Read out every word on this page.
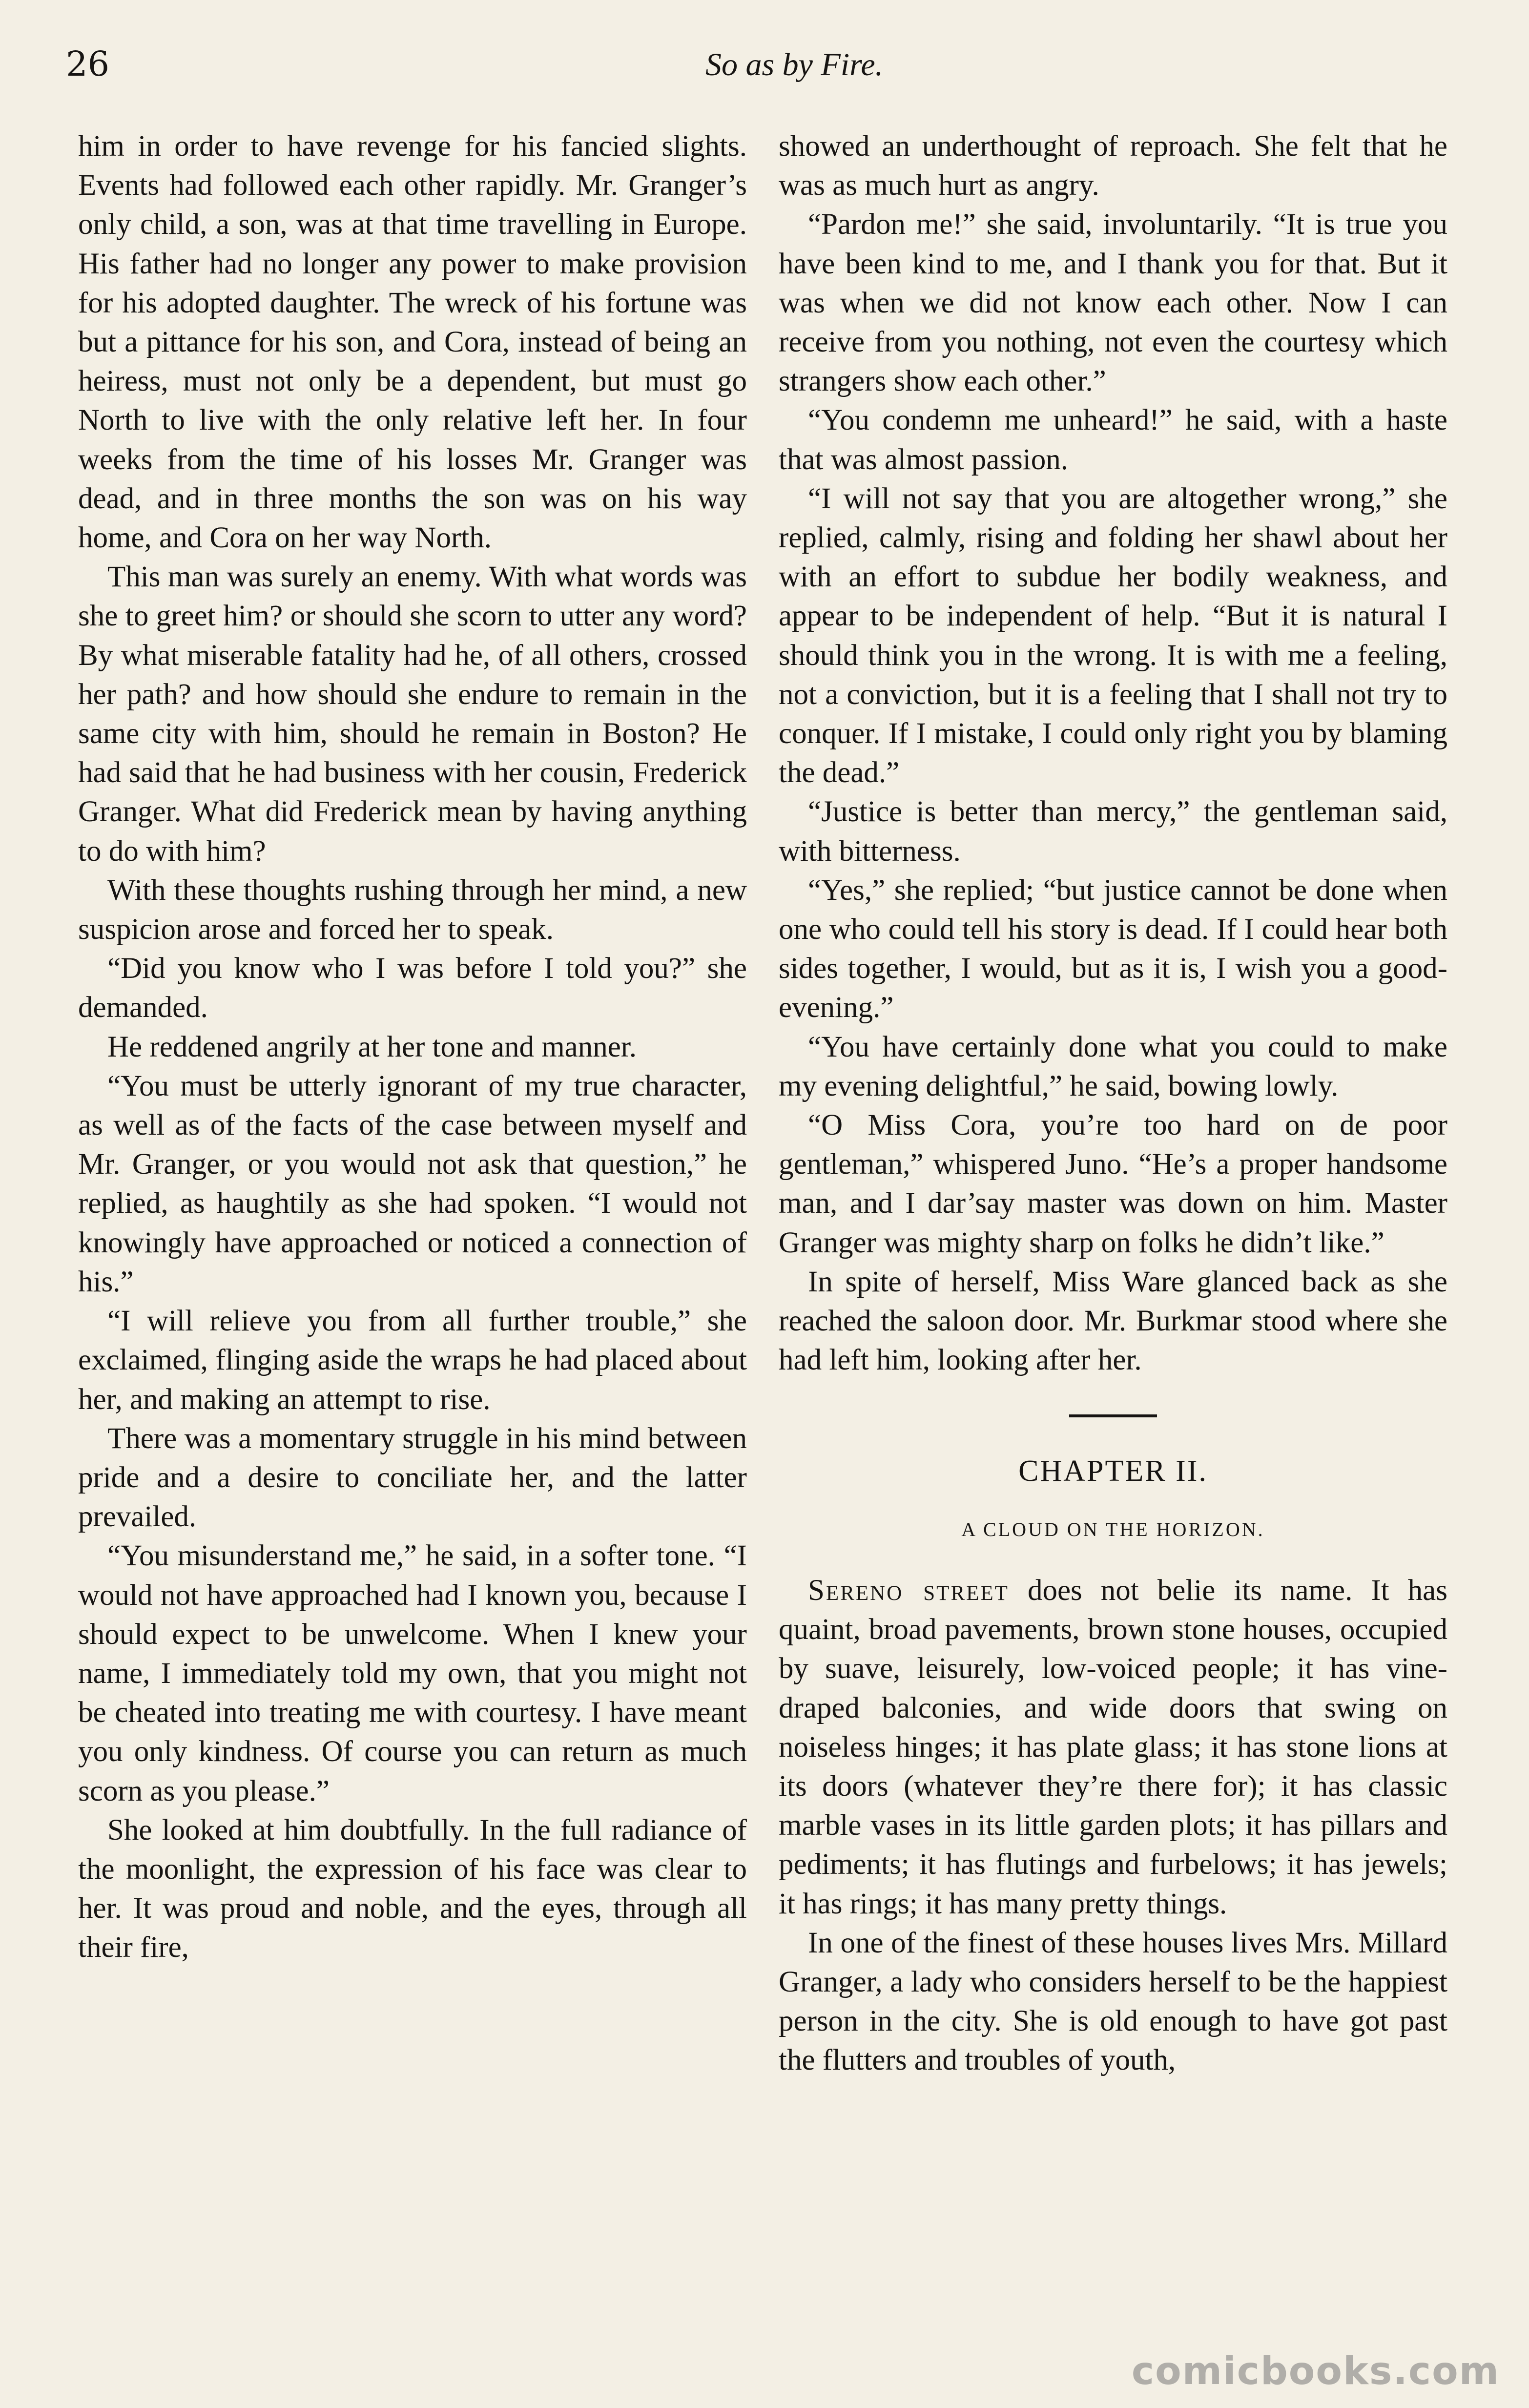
26	So as by Fire.

him in order to have revenge for his fancied slights. Events had followed each other rapidly. Mr. Granger’s only child, a son, was at that time travelling in Europe. His father had no longer any power to make provision for his adopted daughter. The wreck of his fortune was but a pittance for his son, and Cora, instead of being an heiress, must not only be a dependent, but must go North to live with the only relative left her. In four weeks from the time of his losses Mr. Granger was dead, and in three months the son was on his way home, and Cora on her way North.

This man was surely an enemy. With what words was she to greet him? or should she scorn to utter any word? By what miserable fatality had he, of all others, crossed her path? and how should she endure to remain in the same city with him, should he remain in Boston? He had said that he had business with her cousin, Frederick Granger. What did Frederick mean by having anything to do with him?

With these thoughts rushing through her mind, a new suspicion arose and forced her to speak.

“Did you know who I was before I told you?” she demanded.

He reddened angrily at her tone and manner.

“You must be utterly ignorant of my true character, as well as of the facts of the case between myself and Mr. Granger, or you would not ask that question,” he replied, as haughtily as she had spoken. “I would not knowingly have approached or noticed a connection of his.”

“I will relieve you from all further trouble,” she exclaimed, flinging aside the wraps he had placed about her, and making an attempt to rise.

There was a momentary struggle in his mind between pride and a desire to conciliate her, and the latter prevailed.

“You misunderstand me,” he said, in a softer tone. “I would not have approached had I known you, because I should expect to be unwelcome. When I knew your name, I immediately told my own, that you might not be cheated into treating me with courtesy. I have meant you only kindness. Of course you can return as much scorn as you please.”

She looked at him doubtfully. In the full radiance of the moonlight, the expression of his face was clear to her. It was proud and noble, and the eyes, through all their fire,

showed an underthought of reproach. She felt that he was as much hurt as angry.

“Pardon me!” she said, involuntarily. “It is true you have been kind to me, and I thank you for that. But it was when we did not know each other. Now I can receive from you nothing, not even the courtesy which strangers show each other.”

“You condemn me unheard!” he said, with a haste that was almost passion.

“I will not say that you are altogether wrong,” she replied, calmly, rising and folding her shawl about her with an effort to subdue her bodily weakness, and appear to be independent of help. “But it is natural I should think you in the wrong. It is with me a feeling, not a conviction, but it is a feeling that I shall not try to conquer. If I mistake, I could only right you by blaming the dead.”

“Justice is better than mercy,” the gentleman said, with bitterness.

“Yes,” she replied; “but justice cannot be done when one who could tell his story is dead. If I could hear both sides together, I would, but as it is, I wish you a good-evening.”

“You have certainly done what you could to make my evening delightful,” he said, bowing lowly.

“O Miss Cora, you’re too hard on de poor gentleman,” whispered Juno. “He’s a proper handsome man, and I dar’say master was down on him. Master Granger was mighty sharp on folks he didn’t like.”

In spite of herself, Miss Ware glanced back as she reached the saloon door. Mr. Burkmar stood where she had left him, looking after her.

CHAPTER II.
A CLOUD ON THE HORIZON.

Sereno street does not belie its name. It has quaint, broad pavements, brown stone houses, occupied by suave, leisurely, low-voiced people; it has vine-draped balconies, and wide doors that swing on noiseless hinges; it has plate glass; it has stone lions at its doors (whatever they’re there for); it has classic marble vases in its little garden plots; it has pillars and pediments; it has flutings and furbelows; it has jewels; it has rings; it has many pretty things.

In one of the finest of these houses lives Mrs. Millard Granger, a lady who considers herself to be the happiest person in the city. She is old enough to have got past the flutters and troubles of youth,

comicbooks.com
